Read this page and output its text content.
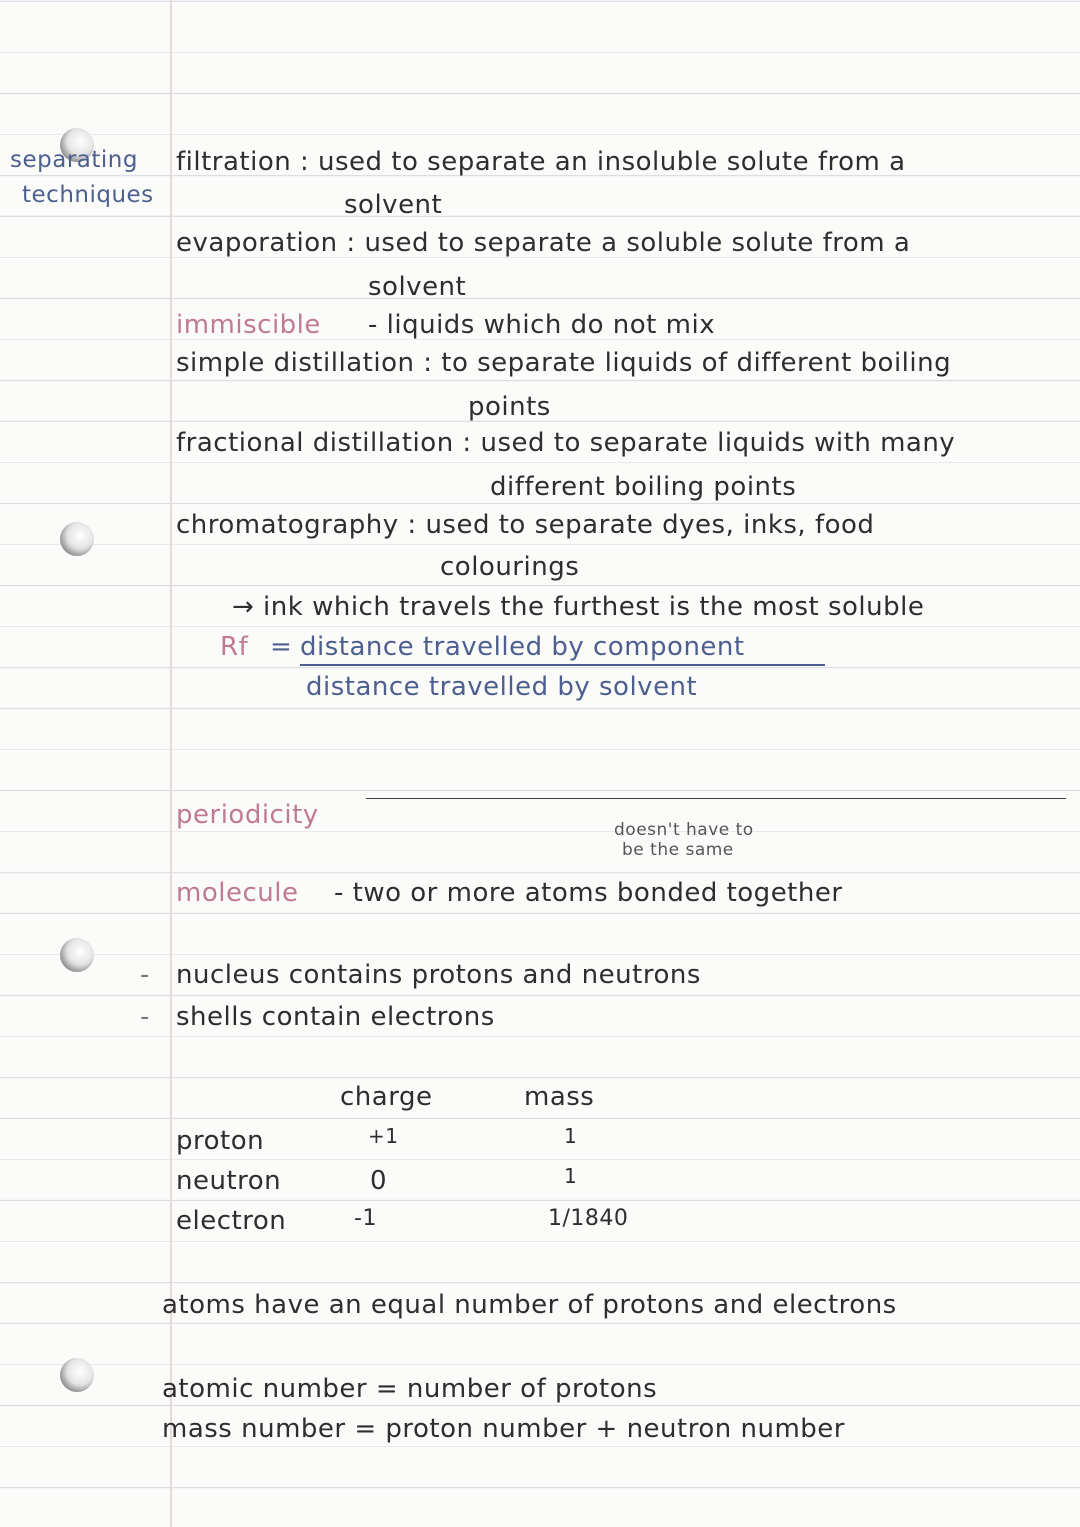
separating
techniques
filtration : used to separate an insoluble solute from a
solvent
evaporation : used to separate a soluble solute from a
solvent
immiscible - liquids which do not mix
simple distillation : to separate liquids of different boiling
points
fractional distillation : used to separate liquids with many
different boiling points
chromatography : used to separate dyes, inks, food
colourings
→ ink which travels the furthest is the most soluble
Rf = distance travelled by component
distance travelled by solvent
periodicity	doesn't have to
be the same
molecule - two or more atoms bonded together
- nucleus contains protons and neutrons
- shells contain electrons
charge	mass
proton	+1	1
neutron	0	1
electron	-1	1/1840
atoms have an equal number of protons and electrons
atomic number = number of protons
mass number = proton number + neutron number
